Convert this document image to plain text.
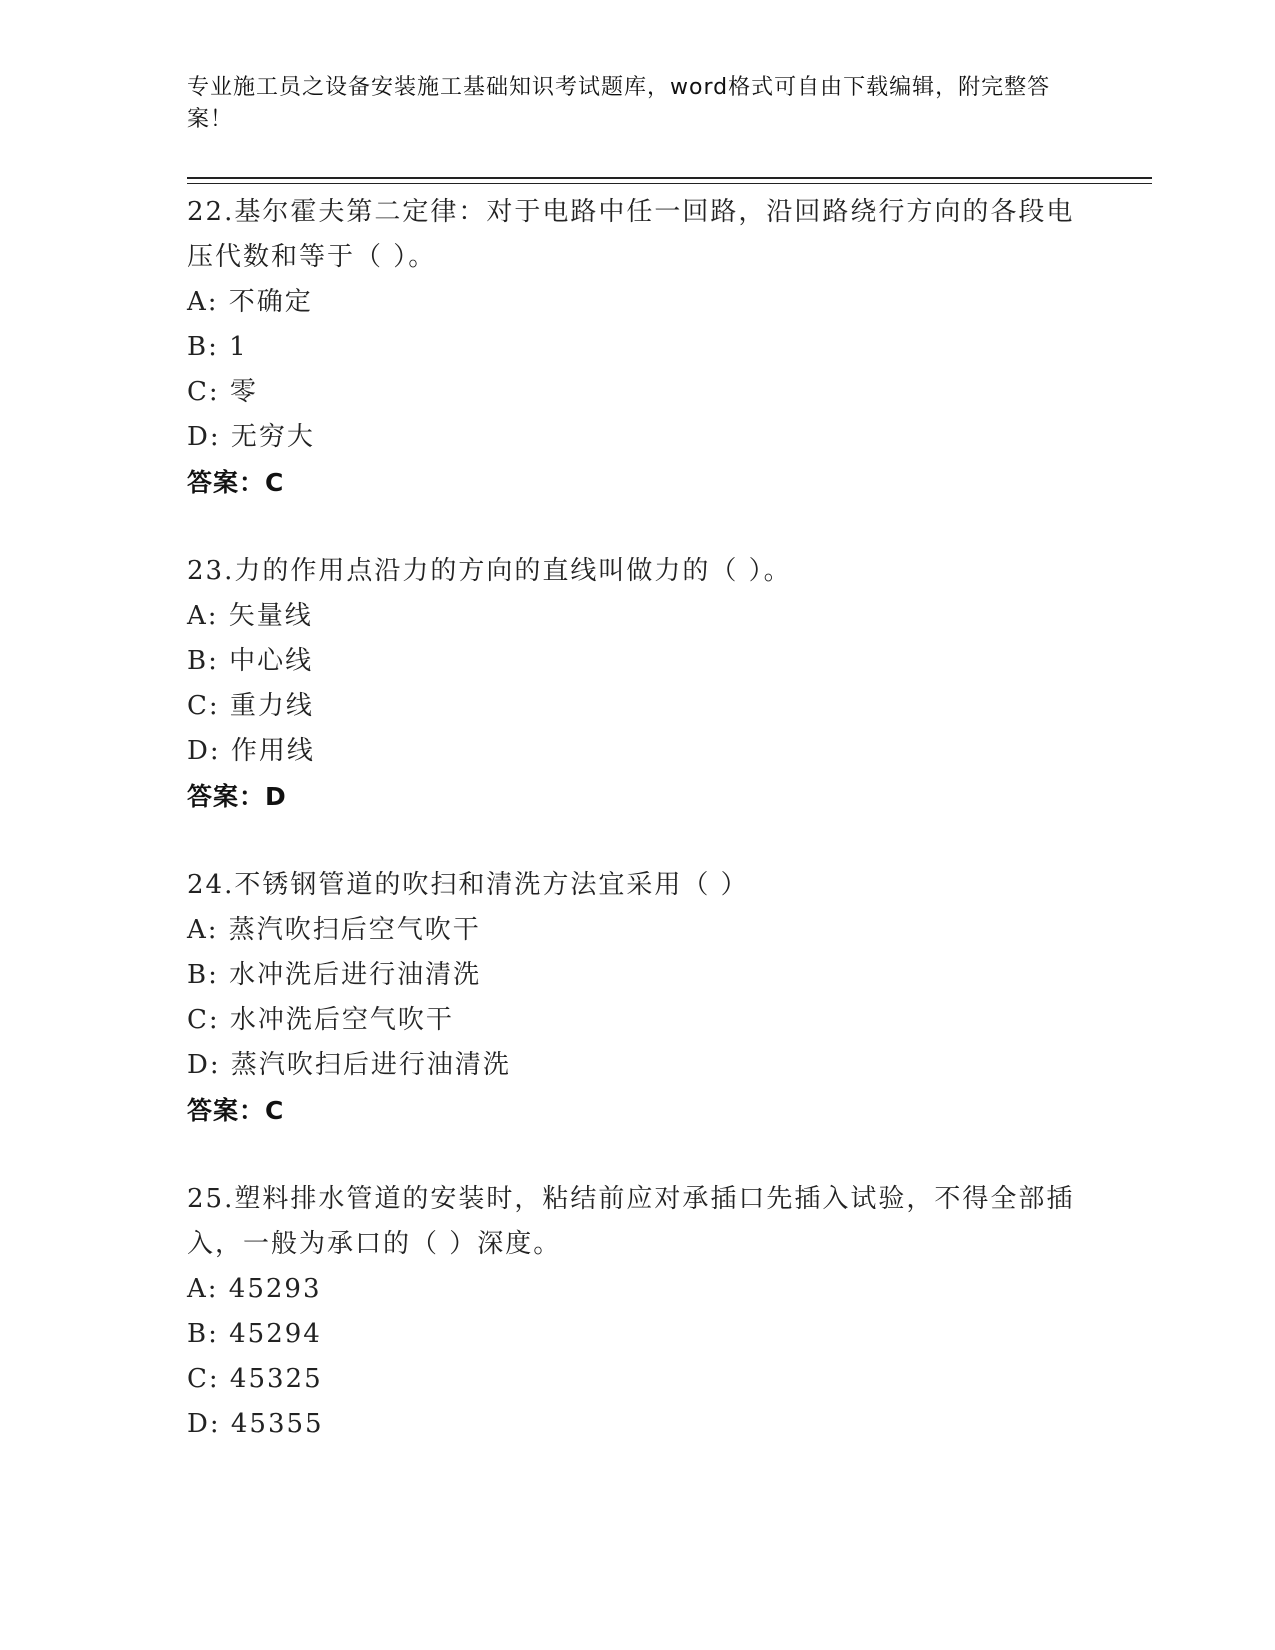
专业施工员之设备安装施工基础知识考试题库，word格式可自由下载编辑，附完整答案！
22.基尔霍夫第二定律：对于电路中任一回路，沿回路绕行方向的各段电压代数和等于（ ）。
A: 不确定
B: 1
C: 零
D: 无穷大
答案：C
23.力的作用点沿力的方向的直线叫做力的（ ）。
A: 矢量线
B: 中心线
C: 重力线
D: 作用线
答案：D
24.不锈钢管道的吹扫和清洗方法宜采用（ ）
A: 蒸汽吹扫后空气吹干
B: 水冲洗后进行油清洗
C: 水冲洗后空气吹干
D: 蒸汽吹扫后进行油清洗
答案：C
25.塑料排水管道的安装时，粘结前应对承插口先插入试验，不得全部插入，一般为承口的（ ）深度。
A: 45293
B: 45294
C: 45325
D: 45355
